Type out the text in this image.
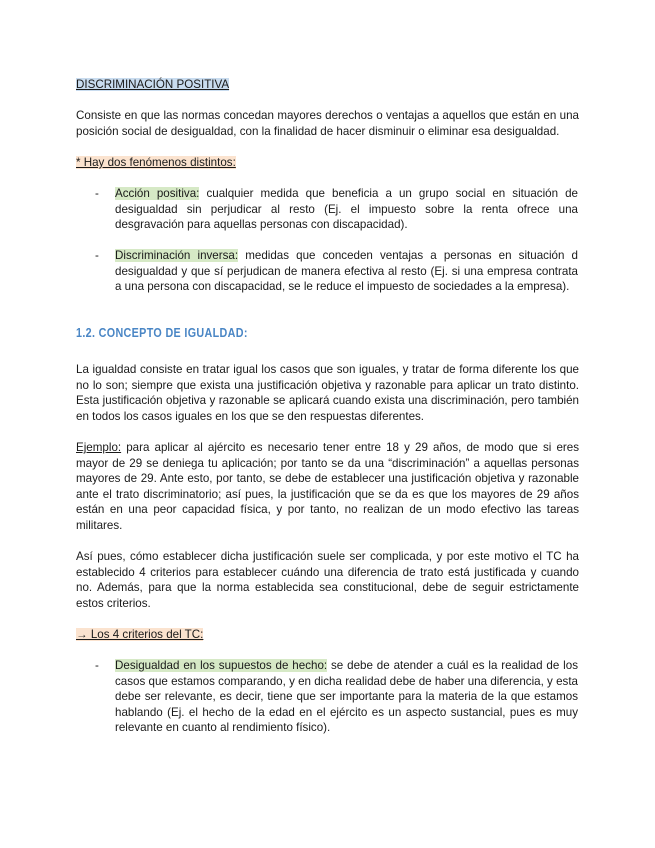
DISCRIMINACIÓN POSITIVA
Consiste en que las normas concedan mayores derechos o ventajas a aquellos que están en una posición social de desigualdad, con la finalidad de hacer disminuir o eliminar esa desigualdad.
* Hay dos fenómenos distintos:
- Acción positiva: cualquier medida que beneficia a un grupo social en situación de desigualdad sin perjudicar al resto (Ej. el impuesto sobre la renta ofrece una desgravación para aquellas personas con discapacidad).
- Discriminación inversa: medidas que conceden ventajas a personas en situación d desigualdad y que sí perjudican de manera efectiva al resto (Ej. si una empresa contrata a una persona con discapacidad, se le reduce el impuesto de sociedades a la empresa).
1.2. CONCEPTO DE IGUALDAD:
La igualdad consiste en tratar igual los casos que son iguales, y tratar de forma diferente los que no lo son; siempre que exista una justificación objetiva y razonable para aplicar un trato distinto. Esta justificación objetiva y razonable se aplicará cuando exista una discriminación, pero también en todos los casos iguales en los que se den respuestas diferentes.
Ejemplo: para aplicar al ajército es necesario tener entre 18 y 29 años, de modo que si eres mayor de 29 se deniega tu aplicación; por tanto se da una “discriminación” a aquellas personas mayores de 29. Ante esto, por tanto, se debe de establecer una justificación objetiva y razonable ante el trato discriminatorio; así pues, la justificación que se da es que los mayores de 29 años están en una peor capacidad física, y por tanto, no realizan de un modo efectivo las tareas militares.
Así pues, cómo establecer dicha justificación suele ser complicada, y por este motivo el TC ha establecido 4 criterios para establecer cuándo una diferencia de trato está justificada y cuando no. Además, para que la norma establecida sea constitucional, debe de seguir estrictamente estos criterios.
→ Los 4 criterios del TC:
- Desigualdad en los supuestos de hecho: se debe de atender a cuál es la realidad de los casos que estamos comparando, y en dicha realidad debe de haber una diferencia, y esta debe ser relevante, es decir, tiene que ser importante para la materia de la que estamos hablando (Ej. el hecho de la edad en el ejército es un aspecto sustancial, pues es muy relevante en cuanto al rendimiento físico).
